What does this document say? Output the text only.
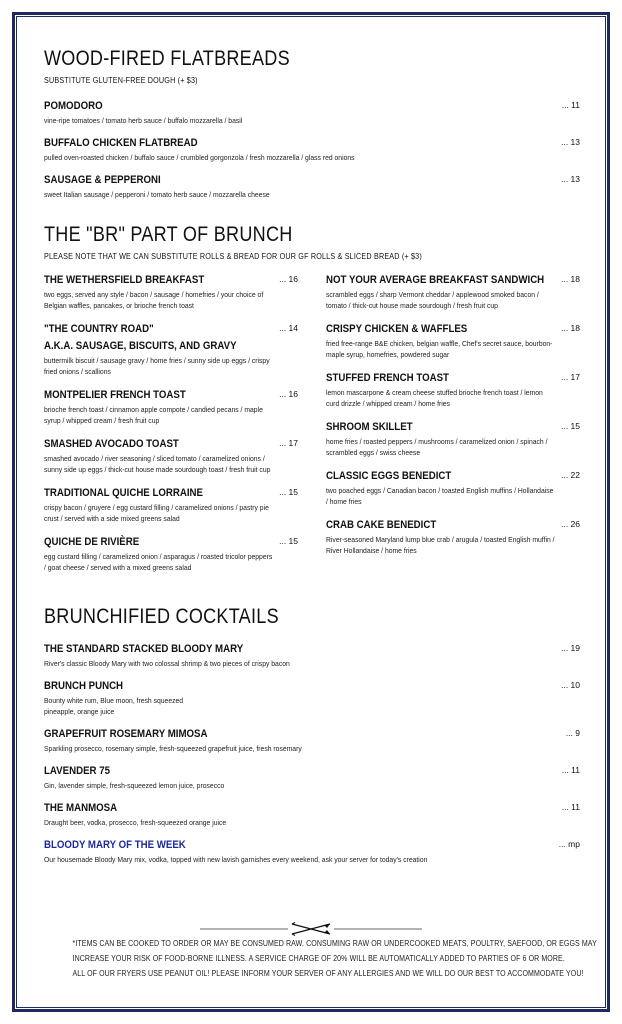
WOOD-FIRED FLATBREADS

SUBSTITUTE GLUTEN-FREE DOUGH (+ $3)

POMODORO
vine-ripe tomatoes / tomato herb sauce / buffalo mozzarella / basil
... 11
BUFFALO CHICKEN FLATBREAD
pulled oven-roasted chicken / buffalo sauce / crumbled gorgonzola / fresh mozzarella / glass red onions
... 13
SAUSAGE & PEPPERONI
sweet Italian sausage / pepperoni / tomato herb sauce / mozzarella cheese
... 13
THE "BR" PART OF BRUNCH

PLEASE NOTE THAT WE CAN SUBSTITUTE ROLLS & BREAD FOR OUR GF ROLLS & SLICED BREAD (+ $3)

THE WETHERSFIELD BREAKFAST
two eggs, served any style / bacon / sausage / homefries / your choice of Belgian waffles, pancakes, or brioche french toast
... 16
"THE COUNTRY ROAD"
A.K.A. SAUSAGE, BISCUITS, AND GRAVY
buttermilk biscuit / sausage gravy / home fries / sunny side up eggs / crispy fried onions / scallions
... 14
MONTPELIER FRENCH TOAST
brioche french toast / cinnamon apple compote / candied pecans / maple syrup / whipped cream / fresh fruit cup
... 16
SMASHED AVOCADO TOAST
smashed avocado / river seasoning / sliced tomato / caramelized onions / sunny side up eggs / thick-cut house made sourdough toast / fresh fruit cup
... 17
TRADITIONAL QUICHE LORRAINE
crispy bacon / gruyere / egg custard filling / caramelized onions / pastry pie crust / served with a side mixed greens salad
... 15
QUICHE DE RIVIÈRE
egg custard filling / caramelized onion / asparagus / roasted tricolor peppers / goat cheese / served with a mixed greens salad
... 15
NOT YOUR AVERAGE BREAKFAST SANDWICH
scrambled eggs / sharp Vermont cheddar / applewood smoked bacon / tomato / thick-cut house made sourdough / fresh fruit cup
... 18
CRISPY CHICKEN & WAFFLES
fried free-range B&E chicken, belgian waffle, Chef's secret sauce, bourbon-maple syrup, homefries, powdered sugar
... 18
STUFFED FRENCH TOAST
lemon mascarpone & cream cheese stuffed brioche french toast / lemon curd drizzle / whipped cream / home fries
... 17
SHROOM SKILLET
home fries / roasted peppers / mushrooms / caramelized onion / spinach / scrambled eggs / swiss cheese
... 15
CLASSIC EGGS BENEDICT
two poached eggs / Canadian bacon / toasted English muffins / Hollandaise / home fries
... 22
CRAB CAKE BENEDICT
River-seasoned Maryland lump blue crab / arugula / toasted English muffin / River Hollandaise / home fries
... 26
BRUNCHIFIED COCKTAILS
THE STANDARD STACKED BLOODY MARY
River's classic Bloody Mary with two colossal shrimp & two pieces of crispy bacon
... 19
BRUNCH PUNCH
Bounty white rum, Blue moon, fresh squeezed
pineapple, orange juice
... 10
GRAPEFRUIT ROSEMARY MIMOSA
Sparkling prosecco, rosemary simple, fresh-squeezed grapefruit juice, fresh rosemary
... 9
LAVENDER 75
Gin, lavender simple, fresh-squeezed lemon juice, prosecco
... 11
THE MANMOSA
Draught beer, vodka, prosecco, fresh-squeezed orange juice
... 11
BLOODY MARY OF THE WEEK
Our housemade Bloody Mary mix, vodka, topped with new lavish garnishes every weekend, ask your server for today's creation
... mp

*ITEMS CAN BE COOKED TO ORDER OR MAY BE CONSUMED RAW. CONSUMING RAW OR UNDERCOOKED MEATS, POULTRY, SAEFOOD, OR EGGS MAY

INCREASE YOUR RISK OF FOOD-BORNE ILLNESS. A SERVICE CHARGE OF 20% WILL BE AUTOMATICALLY ADDED TO PARTIES OF 6 OR MORE.

ALL OF OUR FRYERS USE PEANUT OIL! PLEASE INFORM YOUR SERVER OF ANY ALLERGIES AND WE WILL DO OUR BEST TO ACCOMMODATE YOU!
